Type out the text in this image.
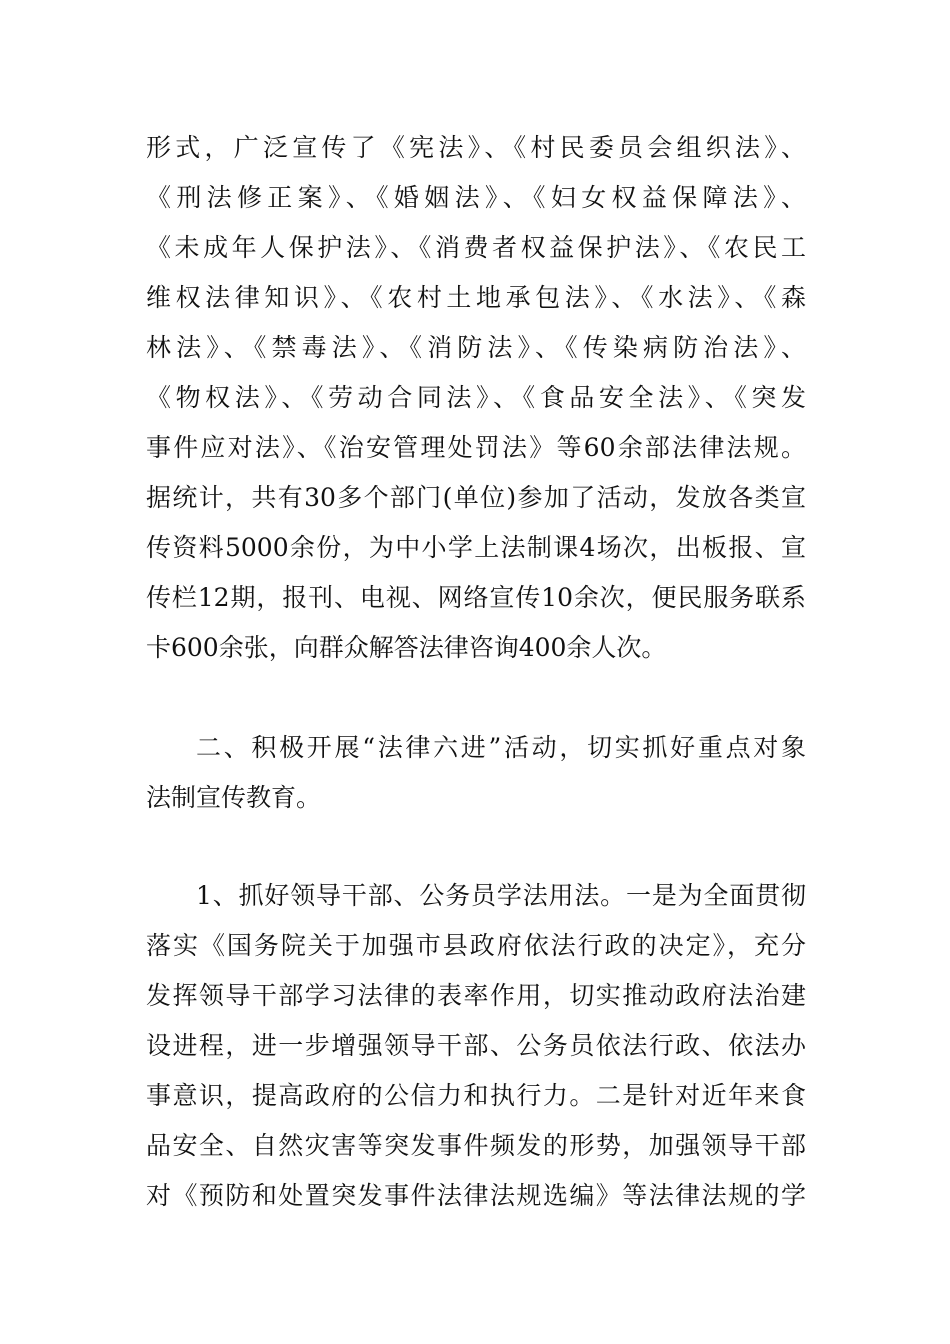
形式，广泛宣传了《宪法》、《村民委员会组织法》、
《刑法修正案》、《婚姻法》、《妇女权益保障法》、
《未成年人保护法》、《消费者权益保护法》、《农民工
维权法律知识》、《农村土地承包法》、《水法》、《森
林法》、《禁毒法》、《消防法》、《传染病防治法》、
《物权法》、《劳动合同法》、《食品安全法》、《突发
事件应对法》、《治安管理处罚法》等60余部法律法规。
据统计，共有30多个部门(单位)参加了活动，发放各类宣
传资料5000余份，为中小学上法制课4场次，出板报、宣
传栏12期，报刊、电视、网络宣传10余次，便民服务联系
卡600余张，向群众解答法律咨询400余人次。
二、积极开展“法律六进”活动，切实抓好重点对象
法制宣传教育。
1、抓好领导干部、公务员学法用法。一是为全面贯彻
落实《国务院关于加强市县政府依法行政的决定》，充分
发挥领导干部学习法律的表率作用，切实推动政府法治建
设进程，进一步增强领导干部、公务员依法行政、依法办
事意识，提高政府的公信力和执行力。二是针对近年来食
品安全、自然灾害等突发事件频发的形势，加强领导干部
对《预防和处置突发事件法律法规选编》等法律法规的学
